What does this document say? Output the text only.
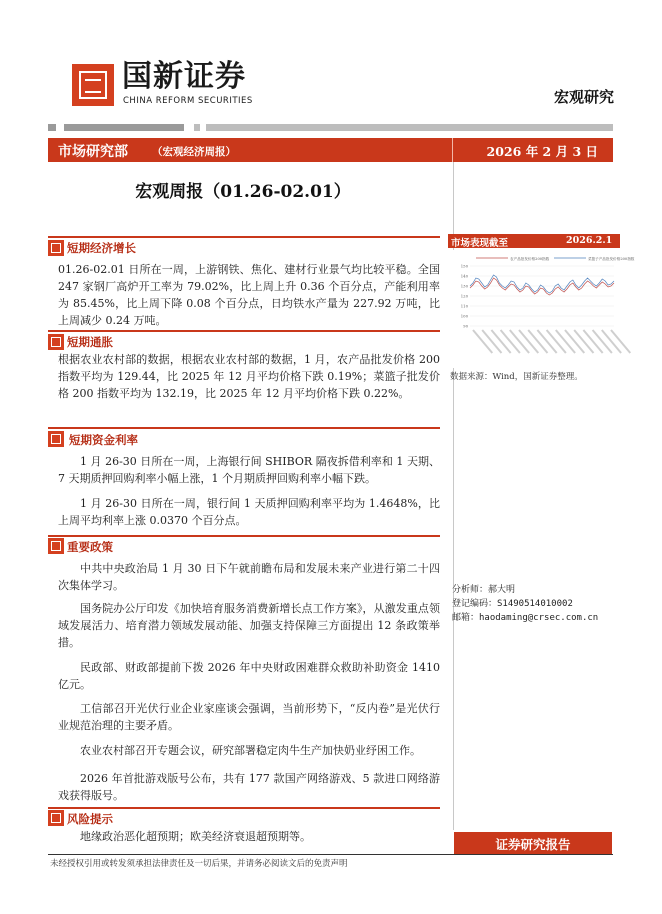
国新证券
CHINA REFORM SECURITIES	宏观研究
市场研究部 （宏观经济周报）	2026 年 2 月 3 日
宏观周报（01.26-02.01）
短期经济增长
01.26-02.01 日所在一周，上游钢铁、焦化、建材行业景气均比较平稳。全国 247 家钢厂高炉开工率为 79.02%，比上周上升 0.36 个百分点，产能利用率为 85.45%，比上周下降 0.08 个百分点，日均铁水产量为 227.92 万吨，比上周减少 0.24 万吨。
短期通胀
根据农业农村部的数据，根据农业农村部的数据，1 月，农产品批发价格 200 指数平均为 129.44，比 2025 年 12 月平均价格下跌 0.19%；菜篮子批发价格 200 指数平均为 132.19，比 2025 年 12 月平均价格下跌 0.22%。
短期资金利率
1 月 26-30 日所在一周，上海银行间 SHIBOR 隔夜拆借利率和 1 天期、7 天期质押回购利率小幅上涨，1 个月期质押回购利率小幅下跌。
1 月 26-30 日所在一周，银行间 1 天质押回购利率平均为 1.4648%，比上周平均利率上涨 0.0370 个百分点。
重要政策
中共中央政治局 1 月 30 日下午就前瞻布局和发展未来产业进行第二十四次集体学习。
国务院办公厅印发《加快培育服务消费新增长点工作方案》，从激发重点领域发展活力、培育潜力领域发展动能、加强支持保障三方面提出 12 条政策举措。
民政部、财政部提前下拨 2026 年中央财政困难群众救助补助资金 1410 亿元。
工信部召开光伏行业企业家座谈会强调，当前形势下，“反内卷”是光伏行业规范治理的主要矛盾。
农业农村部召开专题会议，研究部署稳定肉牛生产加快奶业纾困工作。
2026 年首批游戏版号公布，共有 177 款国产网络游戏、5 款进口网络游戏获得版号。
风险提示
地缘政治恶化超预期；欧美经济衰退超预期等。
市场表现截至	2026.2.1
农产品批发价格200指数	菜篮子产品批发价格200指数
90
100
110
120
130
140
150
数据来源：Wind，国新证券整理。
分析师：郝大明
登记编码：S1490514010002
邮箱：haodaming@crsec.com.cn
证券研究报告
未经授权引用或转发须承担法律责任及一切后果，并请务必阅读文后的免责声明
